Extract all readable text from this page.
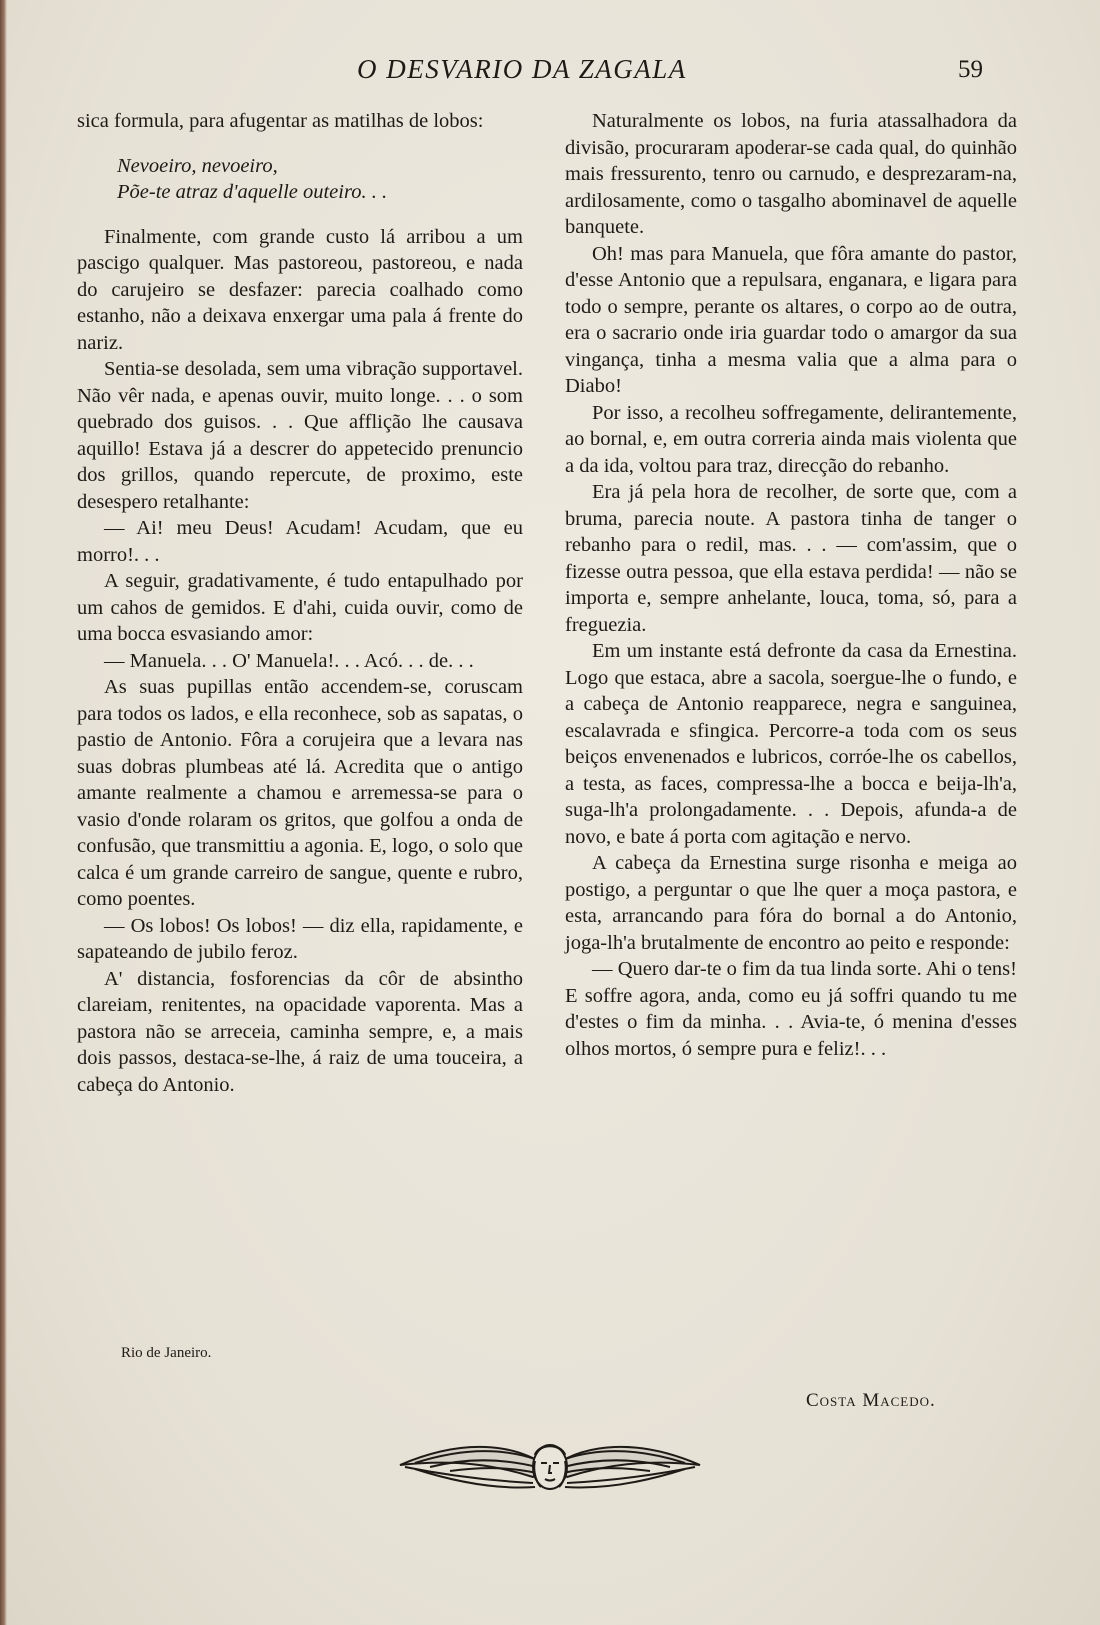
O DESVARIO DA ZAGALA	59

sica formula, para afugentar as matilhas de lobos:

Nevoeiro, nevoeiro,
Põe-te atraz d'aquelle outeiro. . .

Finalmente, com grande custo lá arribou a um pascigo qualquer. Mas pastoreou, pastoreou, e nada do carujeiro se desfazer: parecia coalhado como estanho, não a deixava enxergar uma pala á frente do nariz.

Sentia-se desolada, sem uma vibração supportavel. Não vêr nada, e apenas ouvir, muito longe. . . o som quebrado dos guisos. . . Que afflição lhe causava aquillo! Estava já a descrer do appetecido prenuncio dos grillos, quando repercute, de proximo, este desespero retalhante:

— Ai! meu Deus! Acudam! Acudam, que eu morro!. . .

A seguir, gradativamente, é tudo entapulhado por um cahos de gemidos. E d'ahi, cuida ouvir, como de uma bocca esvasiando amor:

— Manuela. . . O' Manuela!. . . Acó. . . de. . .

As suas pupillas então accendem-se, coruscam para todos os lados, e ella reconhece, sob as sapatas, o pastio de Antonio. Fôra a corujeira que a levara nas suas dobras plumbeas até lá. Acredita que o antigo amante realmente a chamou e arremessa-se para o vasio d'onde rolaram os gritos, que golfou a onda de confusão, que transmittiu a agonia. E, logo, o solo que calca é um grande carreiro de sangue, quente e rubro, como poentes.

— Os lobos! Os lobos! — diz ella, rapidamente, e sapateando de jubilo feroz.

A' distancia, fosforencias da côr de absintho clareiam, renitentes, na opacidade vaporenta. Mas a pastora não se arreceia, caminha sempre, e, a mais dois passos, destaca-se-lhe, á raiz de uma touceira, a cabeça do Antonio.

Naturalmente os lobos, na furia atassalhadora da divisão, procuraram apoderar-se cada qual, do quinhão mais fressurento, tenro ou carnudo, e desprezaram-na, ardilosamente, como o tasgalho abominavel de aquelle banquete.

Oh! mas para Manuela, que fôra amante do pastor, d'esse Antonio que a repulsara, enganara, e ligara para todo o sempre, perante os altares, o corpo ao de outra, era o sacrario onde iria guardar todo o amargor da sua vingança, tinha a mesma valia que a alma para o Diabo!

Por isso, a recolheu soffregamente, delirantemente, ao bornal, e, em outra correria ainda mais violenta que a da ida, voltou para traz, direcção do rebanho.

Era já pela hora de recolher, de sorte que, com a bruma, parecia noute. A pastora tinha de tanger o rebanho para o redil, mas. . . — com'assim, que o fizesse outra pessoa, que ella estava perdida! — não se importa e, sempre anhelante, louca, toma, só, para a freguezia.

Em um instante está defronte da casa da Ernestina. Logo que estaca, abre a sacola, soergue-lhe o fundo, e a cabeça de Antonio reapparece, negra e sanguinea, escalavrada e sfingica. Percorre-a toda com os seus beiços envenenados e lubricos, corróe-lhe os cabellos, a testa, as faces, compressa-lhe a bocca e beija-lh'a, suga-lh'a prolongadamente. . . Depois, afunda-a de novo, e bate á porta com agitação e nervo.

A cabeça da Ernestina surge risonha e meiga ao postigo, a perguntar o que lhe quer a moça pastora, e esta, arrancando para fóra do bornal a do Antonio, joga-lh'a brutalmente de encontro ao peito e responde:

— Quero dar-te o fim da tua linda sorte. Ahi o tens! E soffre agora, anda, como eu já soffri quando tu me d'estes o fim da minha. . . Avia-te, ó menina d'esses olhos mortos, ó sempre pura e feliz!. . .

Rio de Janeiro.
Costa Macedo.
